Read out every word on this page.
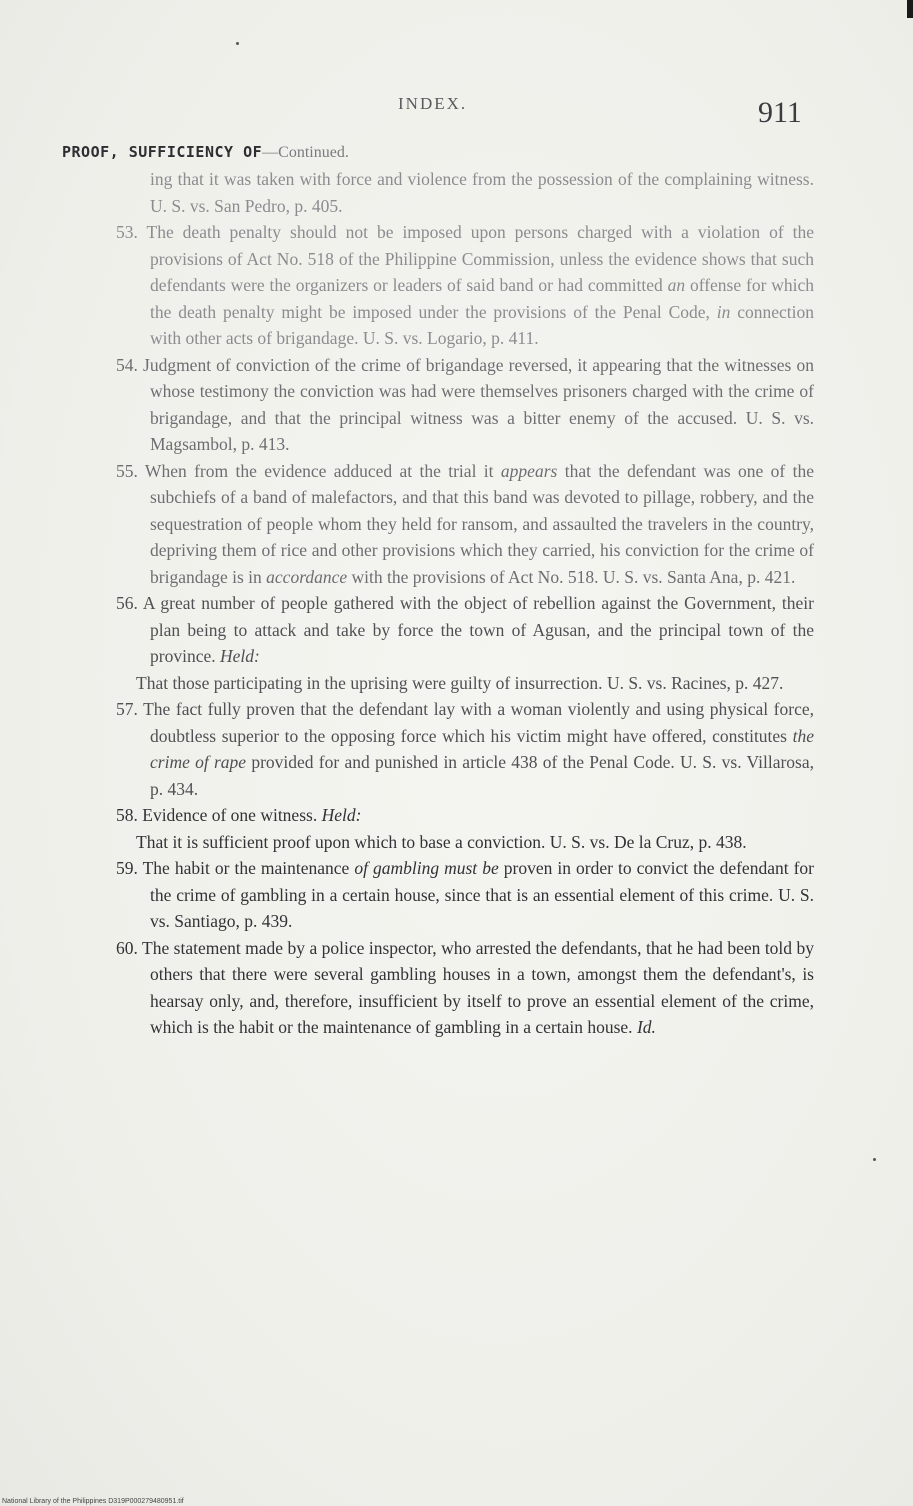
INDEX.	911
PROOF, SUFFICIENCY OF—Continued.

ing that it was taken with force and violence from the possession of the complaining witness. U. S. vs. San Pedro, p. 405.

53. The death penalty should not be imposed upon persons charged with a violation of the provisions of Act No. 518 of the Philippine Commission, unless the evidence shows that such defendants were the organizers or leaders of said band or had committed an offense for which the death penalty might be imposed under the provisions of the Penal Code, in connection with other acts of brigandage. U. S. vs. Logario, p. 411.

54. Judgment of conviction of the crime of brigandage reversed, it appearing that the witnesses on whose testimony the conviction was had were themselves prisoners charged with the crime of brigandage, and that the principal witness was a bitter enemy of the accused. U. S. vs. Magsambol, p. 413.

55. When from the evidence adduced at the trial it appears that the defendant was one of the subchiefs of a band of malefactors, and that this band was devoted to pillage, robbery, and the sequestration of people whom they held for ransom, and assaulted the travelers in the country, depriving them of rice and other provisions which they carried, his conviction for the crime of brigandage is in accordance with the provisions of Act No. 518. U. S. vs. Santa Ana, p. 421.

56. A great number of people gathered with the object of rebellion against the Government, their plan being to attack and take by force the town of Agusan, and the principal town of the province. Held:

That those participating in the uprising were guilty of insurrection. U. S. vs. Racines, p. 427.

57. The fact fully proven that the defendant lay with a woman violently and using physical force, doubtless superior to the opposing force which his victim might have offered, constitutes the crime of rape provided for and punished in article 438 of the Penal Code. U. S. vs. Villarosa, p. 434.

58. Evidence of one witness. Held:

That it is sufficient proof upon which to base a conviction. U. S. vs. De la Cruz, p. 438.

59. The habit or the maintenance of gambling must be proven in order to convict the defendant for the crime of gambling in a certain house, since that is an essential element of this crime. U. S. vs. Santiago, p. 439.

60. The statement made by a police inspector, who arrested the defendants, that he had been told by others that there were several gambling houses in a town, amongst them the defendant's, is hearsay only, and, therefore, insufficient by itself to prove an essential element of the crime, which is the habit or the maintenance of gambling in a certain house. Id.

National Library of the Philippines D319P000279480951.tif
